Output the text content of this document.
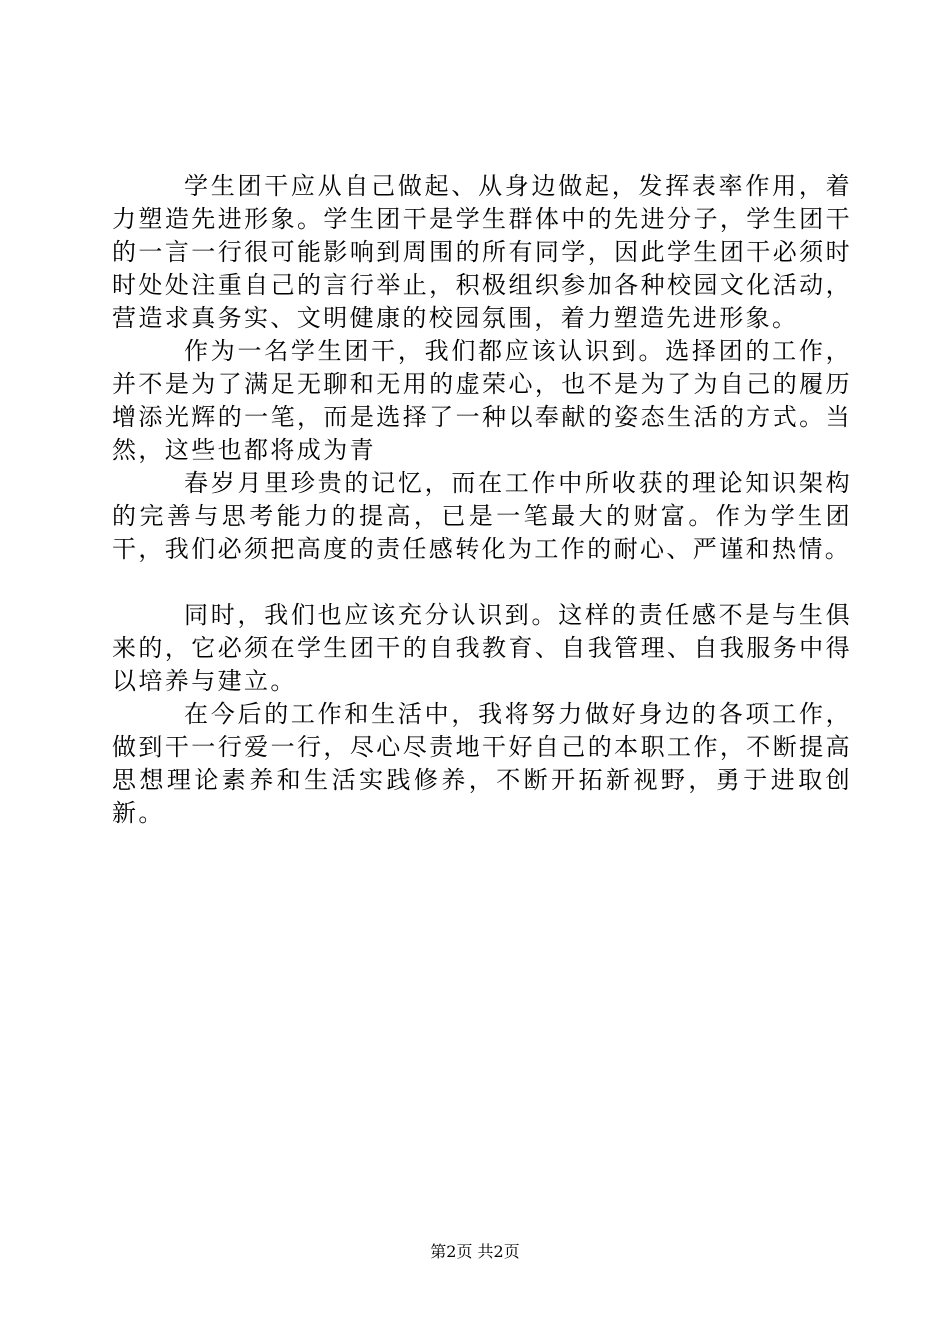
学生团干应从自己做起、从身边做起，发挥表率作用，着力塑造先进形象。学生团干是学生群体中的先进分子，学生团干的一言一行很可能影响到周围的所有同学，因此学生团干必须时时处处注重自己的言行举止，积极组织参加各种校园文化活动，营造求真务实、文明健康的校园氛围，着力塑造先进形象。

作为一名学生团干，我们都应该认识到。选择团的工作，并不是为了满足无聊和无用的虚荣心，也不是为了为自己的履历增添光辉的一笔，而是选择了一种以奉献的姿态生活的方式。当然，这些也都将成为青

春岁月里珍贵的记忆，而在工作中所收获的理论知识架构的完善与思考能力的提高，已是一笔最大的财富。作为学生团干，我们必须把高度的责任感转化为工作的耐心、严谨和热情。

同时，我们也应该充分认识到。这样的责任感不是与生俱来的，它必须在学生团干的自我教育、自我管理、自我服务中得以培养与建立。

在今后的工作和生活中，我将努力做好身边的各项工作，做到干一行爱一行，尽心尽责地干好自己的本职工作，不断提高思想理论素养和生活实践修养，不断开拓新视野，勇于进取创新。

第2页 共2页
